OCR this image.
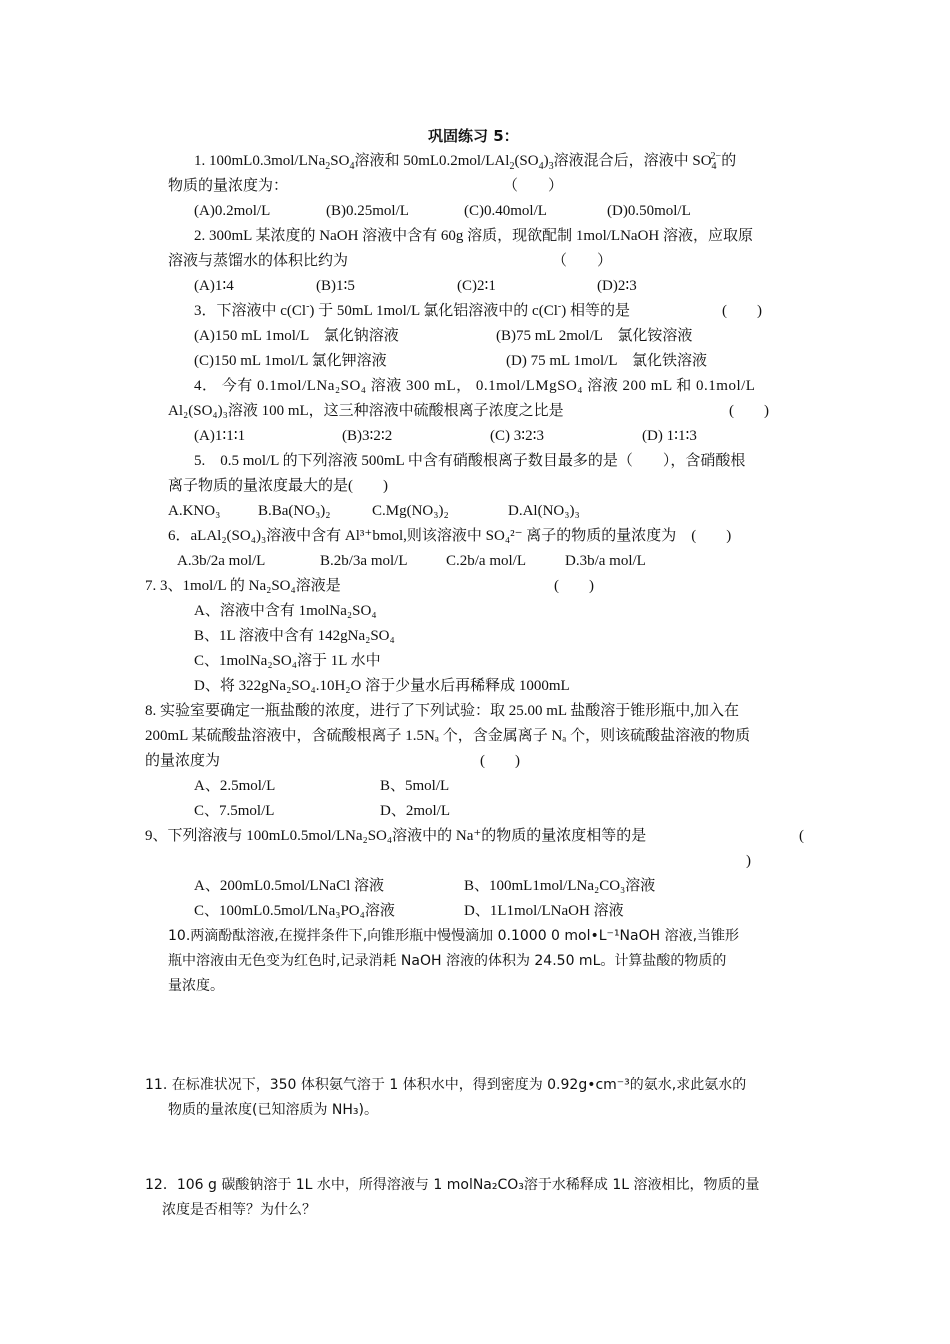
巩固练习 5：
1. $100mL0.3mol/LNa_2SO_4$溶液和 $50mL0.2mol/LAl_2(SO_4)_3$溶液混合后，溶液中 $SO_4^{2-}$的
物质的量浓度为：	（　　）
(A)0.2mol/L	(B)0.25mol/L	(C)0.40mol/L	(D)0.50mol/L
2. 300mL 某浓度的 NaOH 溶液中含有 60g 溶质，现欲配制 1mol/LNaOH 溶液，应取原
溶液与蒸馏水的体积比约为	（　　）
(A)1∶4	(B)1∶5	(C)2∶1	(D)2∶3
3．下溶液中 c(Cl-) 于 50mL 1mol/L 氯化铝溶液中的 c(Cl-) 相等的是	(　　)
(A)150 mL 1mol/L　氯化钠溶液	(B)75 mL 2mol/L　氯化铵溶液
(C)150 mL 1mol/L 氯化钾溶液	(D) 75 mL 1mol/L　氯化铁溶液
4． 今有 0.1mol/LNa₂SO₄ 溶液 300 mL， 0.1mol/LMgSO₄ 溶液 200 mL 和 0.1mol/L
Al₂(SO₄)₃溶液 100 mL，这三种溶液中硫酸根离子浓度之比是	(　　)
(A)1∶1∶1	(B)3∶2∶2	(C) 3∶2∶3	(D) 1∶1∶3
5.　0.5 mol/L 的下列溶液 500mL 中含有硝酸根离子数目最多的是（　　），含硝酸根
离子物质的量浓度最大的是(　　)
A.KNO₃	B.Ba(NO₃)₂	C.Mg(NO₃)₂	D.Al(NO₃)₃
6．aLAl₂(SO₄)₃溶液中含有 Al³⁺bmol,则该溶液中 SO₄²⁻ 离子的物质的量浓度为　(　　)
A.3b/2a mol/L	B.2b/3a mol/L	C.2b/a mol/L	D.3b/a mol/L
7. 3、1mol/L 的 Na₂SO₄溶液是	(　　)
A、溶液中含有 1molNa₂SO₄
B、1L 溶液中含有 142gNa₂SO₄
C、1molNa₂SO₄溶于 1L 水中
D、将 322gNa₂SO₄.10H₂O 溶于少量水后再稀释成 1000mL
8. 实验室要确定一瓶盐酸的浓度，进行了下列试验：取 25.00 mL 盐酸溶于锥形瓶中,加入在
200mL 某硫酸盐溶液中，含硫酸根离子 1.5Nₐ 个，含金属离子 Nₐ 个，则该硫酸盐溶液的物质
的量浓度为	(　　)
A、2.5mol/L	B、5mol/L
C、7.5mol/L	D、2mol/L
9、下列溶液与 100mL0.5mol/LNa₂SO₄溶液中的 Na⁺的物质的量浓度相等的是	(
)
A、200mL0.5mol/LNaCl 溶液	B、100mL1mol/LNa₂CO₃溶液
C、100mL0.5mol/LNa₃PO₄溶液	D、1L1mol/LNaOH 溶液
10.两滴酚酞溶液,在搅拌条件下,向锥形瓶中慢慢滴加 0.1000 0 mol•L⁻¹NaOH 溶液,当锥形
瓶中溶液由无色变为红色时,记录消耗 NaOH 溶液的体积为 24.50 mL。计算盐酸的物质的
量浓度。
11. 在标准状况下，350 体积氨气溶于 1 体积水中，得到密度为 0.92g•cm⁻³的氨水,求此氨水的
物质的量浓度(已知溶质为 NH₃)。
12．106 g 碳酸钠溶于 1L 水中，所得溶液与 1 molNa₂CO₃溶于水稀释成 1L 溶液相比，物质的量
浓度是否相等？为什么？
